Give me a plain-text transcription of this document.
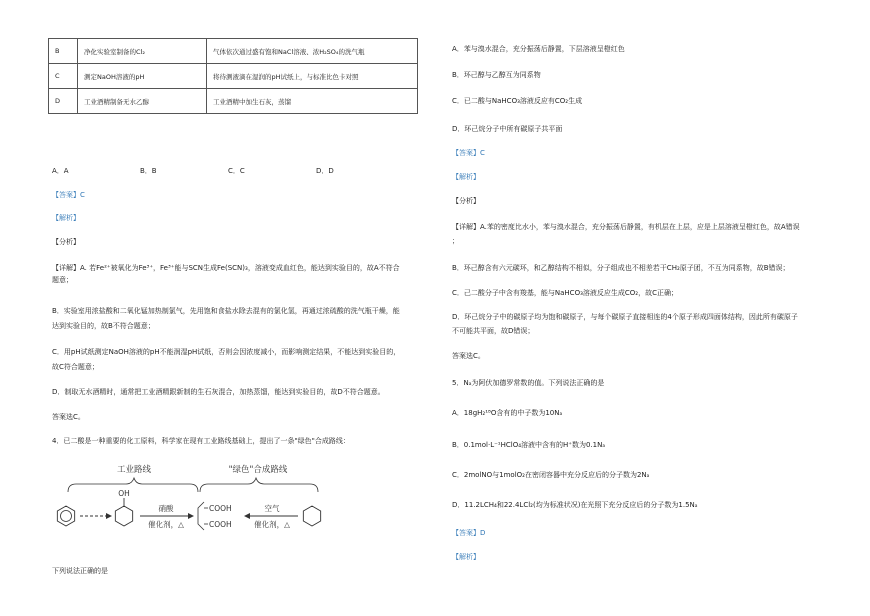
B	净化实验室制备的Cl₂	气体依次通过盛有饱和NaCl溶液、浓H₂SO₄的洗气瓶
C	测定NaOH溶液的pH	将待测液滴在湿润的pH试纸上，与标准比色卡对照
D	工业酒精制备无水乙醇	工业酒精中加生石灰，蒸馏
A．A	B．B	C．C	D．D
【答案】C
【解析】
【分析】
【详解】A. 若Fe²⁺被氧化为Fe³⁺，Fe³⁺能与SCN生成Fe(SCN)₃，溶液变成血红色，能达到实验目的，故A不符合
题意；
B．实验室用浓盐酸和二氧化锰加热制氯气，先用饱和食盐水除去混有的氯化氢，再通过浓硫酸的洗气瓶干燥，能
达到实验目的，故B不符合题意；
C．用pH试纸测定NaOH溶液的pH不能润湿pH试纸，否则会因浓度减小，而影响测定结果，不能达到实验目的，
故C符合题意；
D．制取无水酒精时，通常把工业酒精跟新制的生石灰混合，加热蒸馏，能达到实验目的，故D不符合题意。
答案选C。
4．已二酸是一种重要的化工原料，科学家在现有工业路线基础上，提出了一条"绿色"合成路线：
工业路线	"绿色"合成路线
OH
硝酸
催化剂，△
COOH
COOH
空气
催化剂，△
下列说法正确的是
A．苯与溴水混合，充分振荡后静置，下层溶液呈橙红色
B．环己醇与乙醇互为同系物
C．已二酸与NaHCO₃溶液反应有CO₂生成
D．环己烷分子中所有碳原子共平面
【答案】C
【解析】
【分析】
【详解】A.苯的密度比水小，苯与溴水混合，充分振荡后静置，有机层在上层，应是上层溶液呈橙红色，故A错误
；
B．环己醇含有六元碳环，和乙醇结构不相似，分子组成也不相差若干CH₂原子团，不互为同系物，故B错误；
C．己二酸分子中含有羧基，能与NaHCO₃溶液反应生成CO₂，故C正确；
D．环己烷分子中的碳原子均为饱和碳原子，与每个碳原子直接相连的4个原子形成四面体结构，因此所有碳原子
不可能共平面，故D错误；
答案选C。
5．Nₐ为阿伏加德罗常数的值。下列说法正确的是
A．18gH₂¹⁸O含有的中子数为10Nₐ
B．0.1mol·L⁻¹HClO₄溶液中含有的H⁺数为0.1Nₐ
C．2molNO与1molO₂在密闭容器中充分反应后的分子数为2Nₐ
D．11.2LCH₄和22.4LCl₂(均为标准状况)在光照下充分反应后的分子数为1.5Nₐ
【答案】D
【解析】
